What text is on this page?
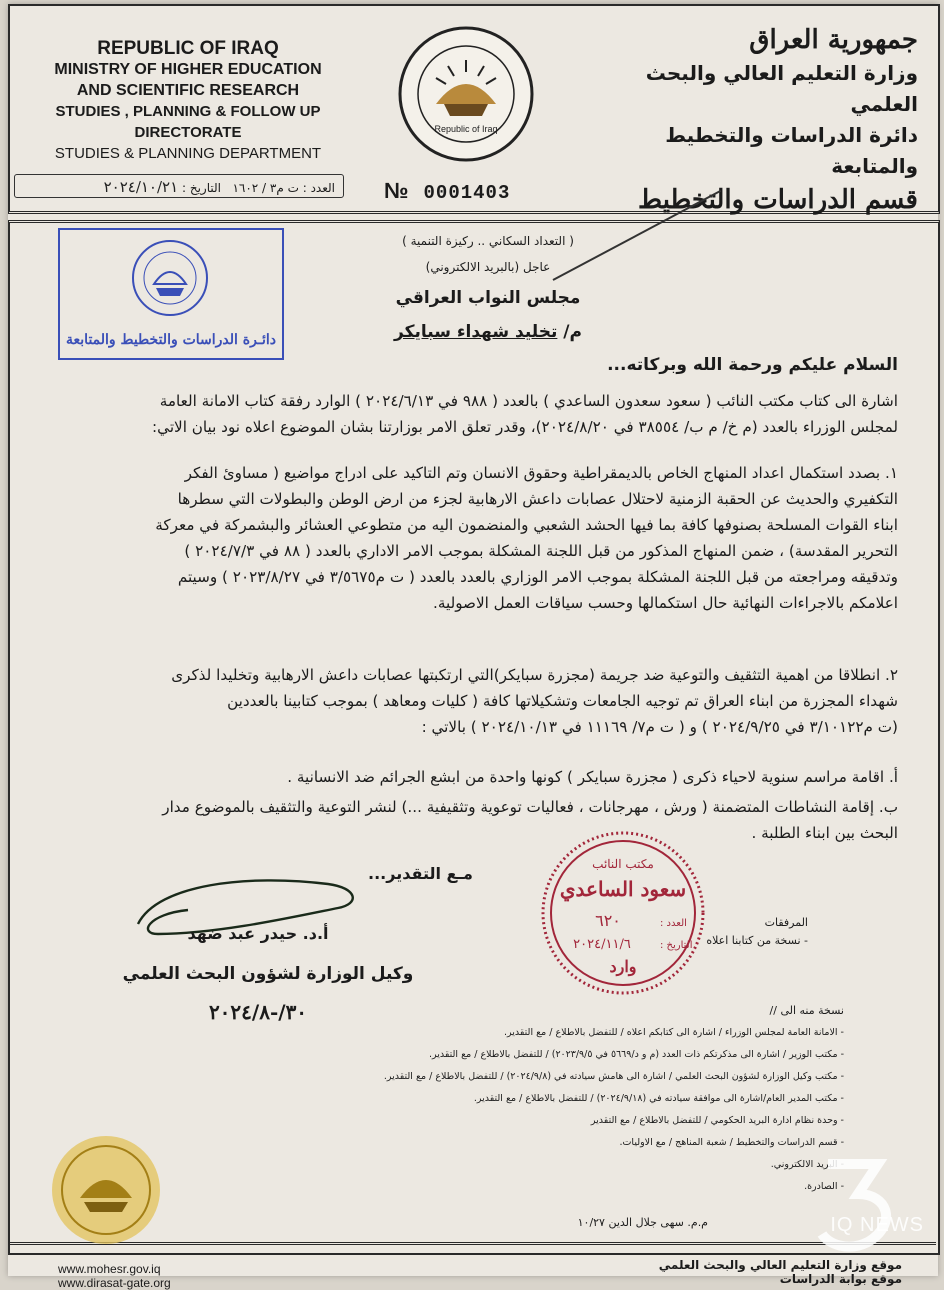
REPUBLIC OF IRAQ
MINISTRY OF HIGHER EDUCATION
AND SCIENTIFIC RESEARCH
STUDIES , PLANNING & FOLLOW UP DIRECTORATE
STUDIES & PLANNING DEPARTMENT
العدد : ت م٣ / ١٦٠٢   التاريخ : ٢٠٢٤/١٠/٢١	№ 0001403
Republic of Iraq
جمهورية العراق
وزارة التعليم العالي والبحث العلمي
دائرة الدراسات والتخطيط والمتابعة
قسم الدراسات والتخطيط
دائـرة الدراسات والتخطيط والمتابعة
( التعداد السكاني .. ركيزة التنمية )
عاجل (بالبريد الالكتروني)
مجلس النواب العراقي
م/ تخليد شهداء سبايكر
السلام عليكم ورحمة الله وبركاته...

اشارة الى كتاب مكتب النائب ( سعود سعدون الساعدي ) بالعدد ( ٩٨٨ في ٢٠٢٤/٦/١٣ ) الوارد رفقة كتاب الامانة العامة

لمجلس الوزراء بالعدد (م خ/ م ب/ ٣٨٥٥٤ في ٢٠٢٤/٨/٢٠)، وقدر تعلق الامر بوزارتنا بشان الموضوع اعلاه نود بيان الاتي:

١. بصدد استكمال اعداد المنهاج الخاص بالديمقراطية وحقوق الانسان وتم التاكيد على ادراج مواضيع ( مساوئ الفكر

التكفيري والحديث عن الحقبة الزمنية لاحتلال عصابات داعش الارهابية لجزء من ارض الوطن والبطولات التي سطرها

ابناء القوات المسلحة بصنوفها كافة بما فيها الحشد الشعبي والمنضمون اليه من متطوعي العشائر والبشمركة في معركة

التحرير المقدسة) ، ضمن المنهاج المذكور من قبل اللجنة المشكلة بموجب الامر الاداري بالعدد ( ٨٨ في ٢٠٢٤/٧/٣ )

وتدقيقه ومراجعته من قبل اللجنة المشكلة بموجب الامر الوزاري بالعدد بالعدد ( ت م٣/٥٦٧٥ في ٢٠٢٣/٨/٢٧ ) وسيتم

اعلامكم بالاجراءات النهائية حال استكمالها وحسب سياقات العمل الاصولية.

٢. انطلاقا من اهمية التثقيف والتوعية ضد جريمة (مجزرة سبايكر)التي ارتكبتها عصابات داعش الارهابية وتخليدا لذكرى

شهداء المجزرة من ابناء العراق تم توجيه الجامعات وتشكيلاتها كافة ( كليات ومعاهد ) بموجب كتابينا بالعددين

(ت م٣/١٠١٢٢ في ٢٠٢٤/٩/٢٥ ) و ( ت م٧/ ١١١٦٩ في ٢٠٢٤/١٠/١٣ ) بالاتي :

أ. اقامة مراسم سنوية لاحياء ذكرى ( مجزرة سبايكر ) كونها واحدة من ابشع الجرائم ضد الانسانية .

ب. إقامة النشاطات المتضمنة ( ورش ، مهرجانات ، فعاليات توعوية وتثقيفية ...) لنشر التوعية والتثقيف بالموضوع مدار

البحث بين ابناء الطلبة .

مـع التقدير...
أ.د. حيدر عبد ضهد
وكيل الوزارة لشؤون البحث العلمي
٣٠/-٢٠٢٤/٨
مكتب النائب
سعود الساعدي
العدد :
٦٢٠
التاريخ :
٢٠٢٤/١١/٦
وارد
المرفقات
- نسخة من كتابنا اعلاه
نسخة منه الى //
- الامانة العامة لمجلس الوزراء / اشارة الى كتابكم اعلاه / للتفضل بالاطلاع / مع التقدير.
- مكتب الوزير / اشارة الى مذكرتكم ذات العدد (م و د/٥٦٦٩ في ٢٠٢٣/٩/٥) / للتفضل بالاطلاع / مع التقدير.
- مكتب وكيل الوزارة لشؤون البحث العلمي / اشارة الى هامش سيادته في (٢٠٢٤/٩/٨) / للتفضل بالاطلاع / مع التقدير.
- مكتب المدير العام/اشارة الى موافقة سيادته في (٢٠٢٤/٩/١٨) / للتفضل بالاطلاع / مع التقدير.
- وحدة نظام ادارة البريد الحكومي / للتفضل بالاطلاع / مع التقدير
- قسم الدراسات والتخطيط / شعبة المناهج / مع الاوليات.
- البريد الالكتروني.
- الصادرة.
م.م. سهى جلال الدين ١٠/٢٧	IQ NEWS
www.mohesr.gov.iq
www.dirasat-gate.org
موقع وزارة التعليم العالي والبحث العلمي
موقع بوابة الدراسات
